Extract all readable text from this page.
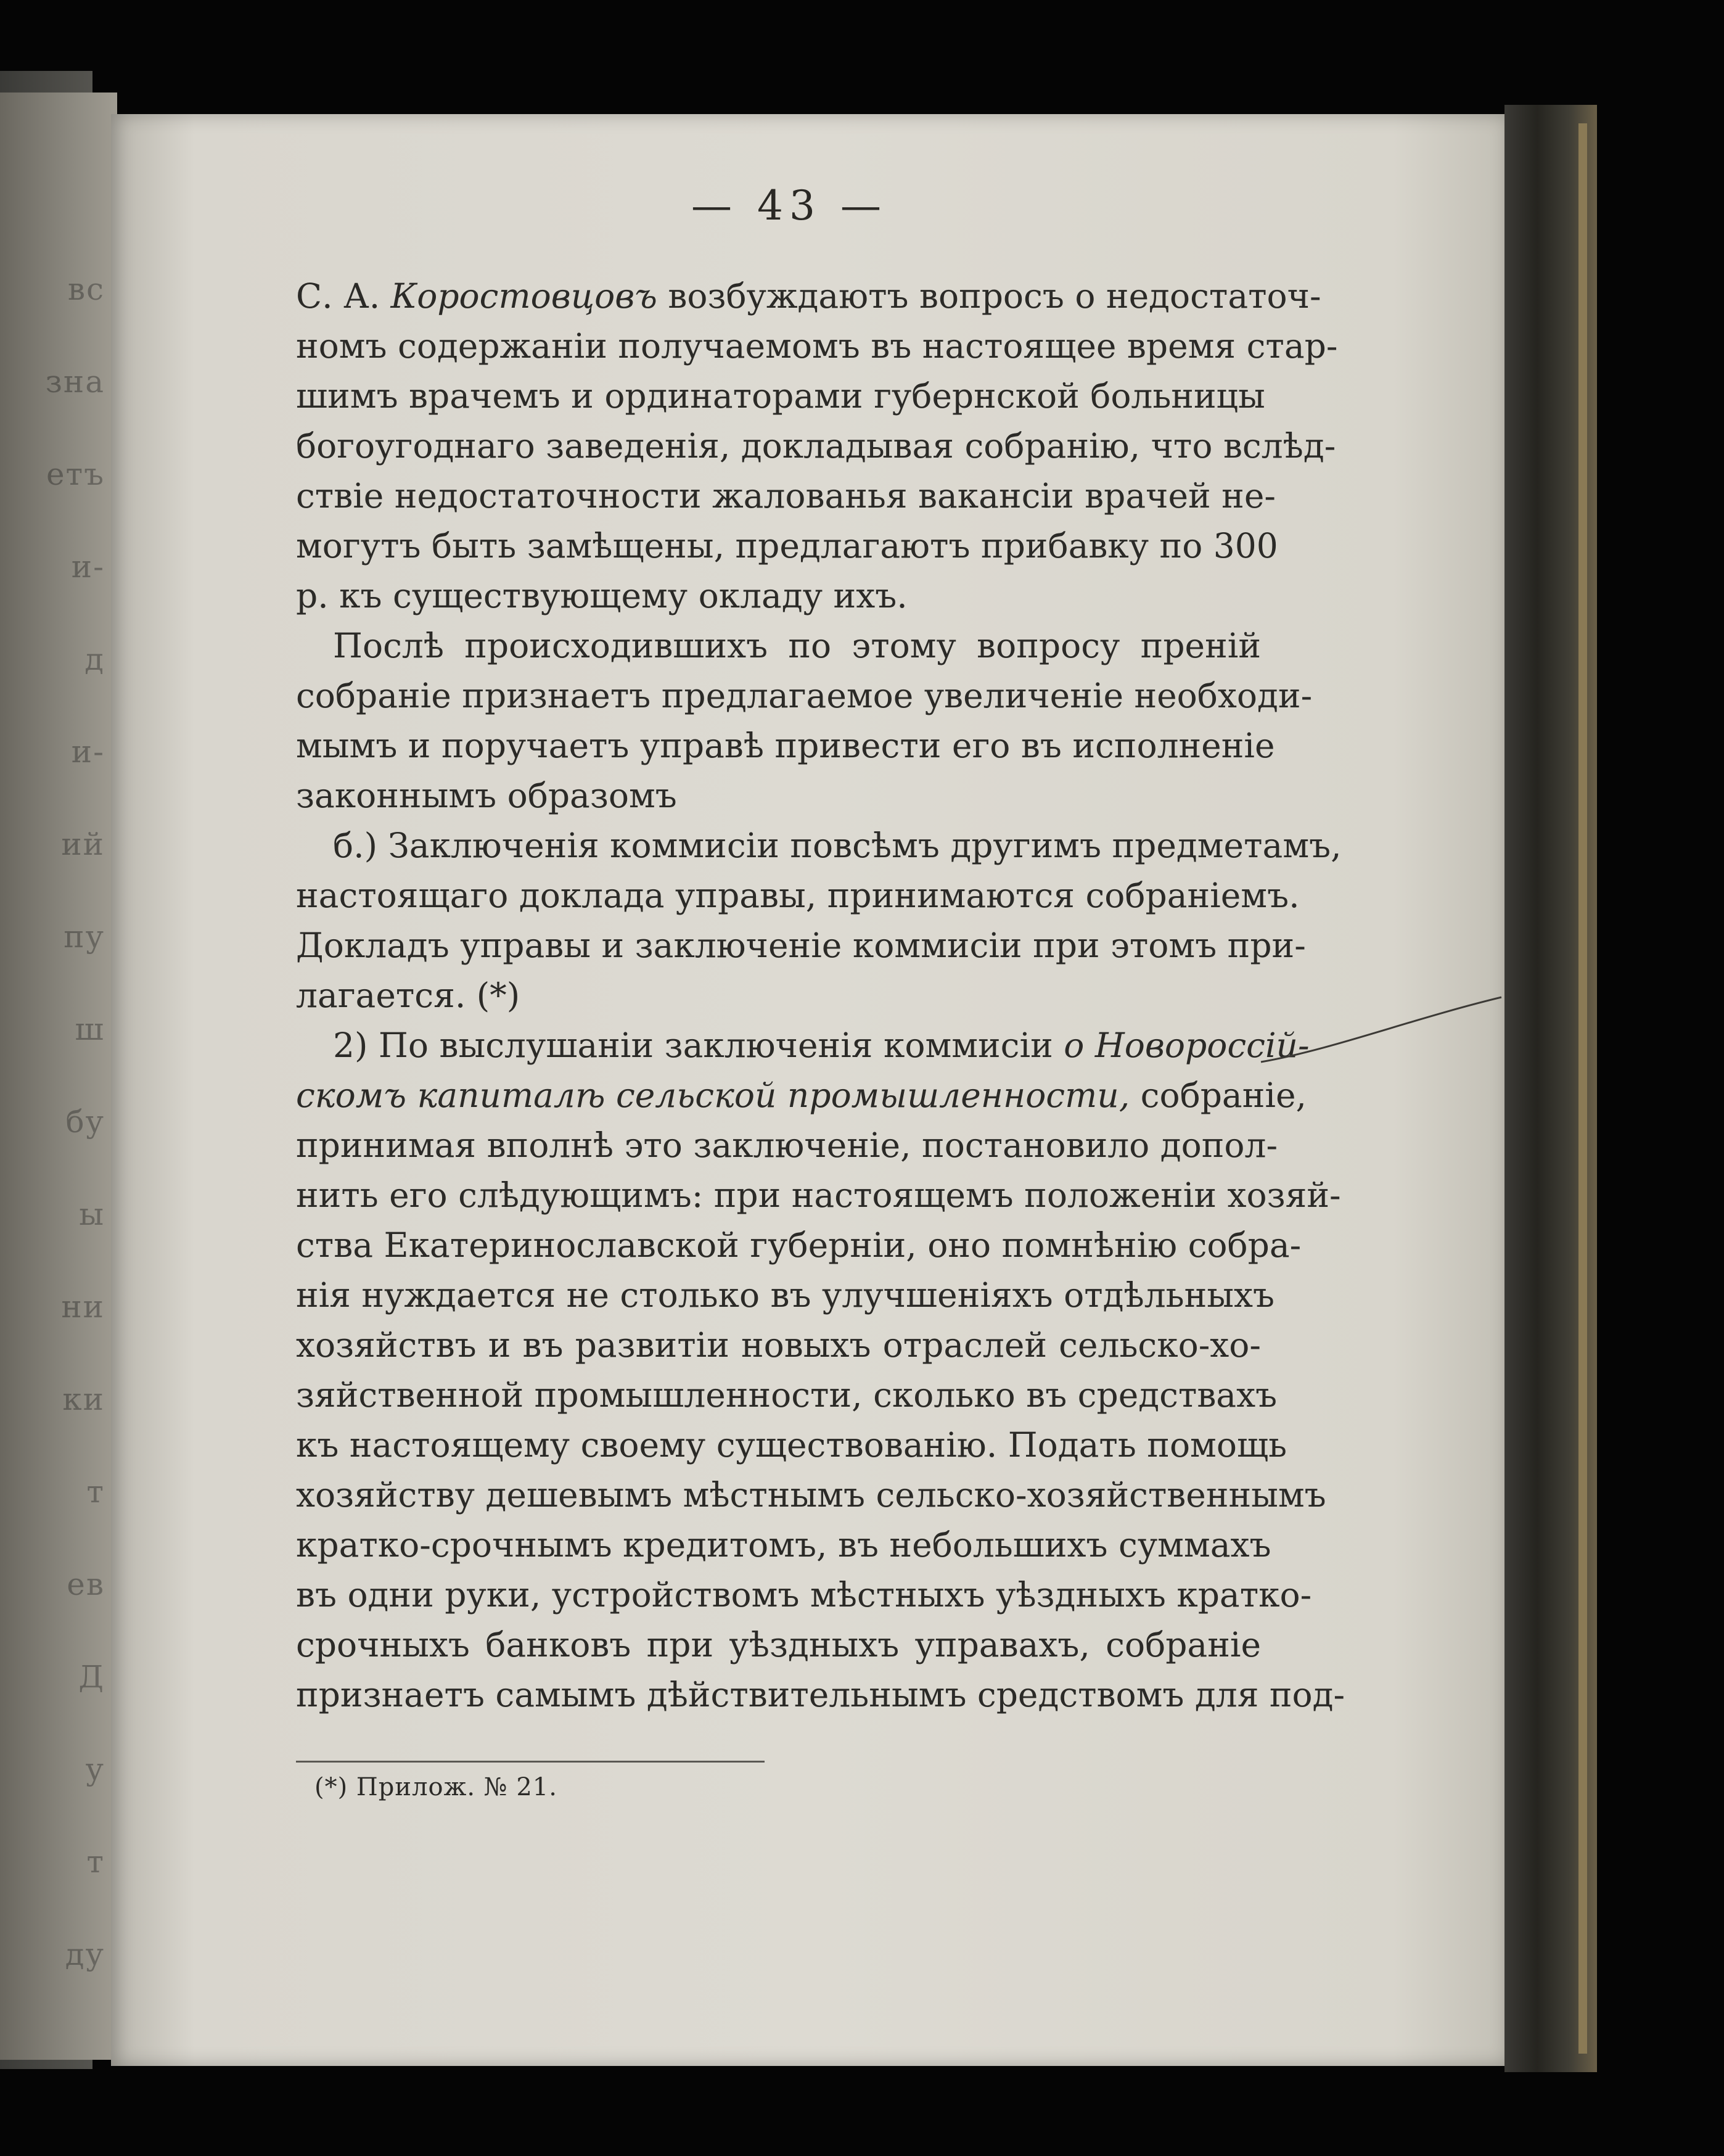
вс
зна
етъ
и-
д
и-
ий
пу
ш
бу
ы
ни
ки
т
ев
Д
у
т
ду
— 43 —
С. А. Коростовцовъ возбуждаютъ вопросъ о недостаточ-
номъ содержанiи получаемомъ въ настоящее время стар-
шимъ врачемъ и ординаторами губернской больницы
богоугоднаго заведенiя, докладывая собранiю, что вслѣд-
ствiе недостаточности жалованья вакансiи врачей не-
могутъ быть замѣщены, предлагаютъ прибавку по 300
р. къ существующему окладу ихъ.
Послѣ происходившихъ по этому вопросу пренiй
собранiе признаетъ предлагаемое увеличенiе необходи-
мымъ и поручаетъ управѣ привести его въ исполненiе
законнымъ образомъ
б.) Заключенiя коммисiи повсѣмъ другимъ предметамъ,
настоящаго доклада управы, принимаются собранiемъ.
Докладъ управы и заключенiе коммисiи при этомъ при-
лагается. (*)
2) По выслушанiи заключенiя коммисiи о Новороссiй-
скомъ капиталѣ сельской промышленности, собранiе,
принимая вполнѣ это заключенiе, постановило допол-
нить его слѣдующимъ: при настоящемъ положенiи хозяй-
ства Екатеринославской губернiи, оно помнѣнiю собра-
нiя нуждается не столько въ улучшенiяхъ отдѣльныхъ
хозяйствъ и въ развитiи новыхъ отраслей сельско-хо-
зяйственной промышленности, сколько въ средствахъ
къ настоящему своему существованiю. Подать помощь
хозяйству дешевымъ мѣстнымъ сельско-хозяйственнымъ
кратко-срочнымъ кредитомъ, въ небольшихъ суммахъ
въ одни руки, устройствомъ мѣстныхъ уѣздныхъ кратко-
срочныхъ банковъ при уѣздныхъ управахъ, собранiе
признаетъ самымъ дѣйствительнымъ средствомъ для под-
(*) Прилож. № 21.
